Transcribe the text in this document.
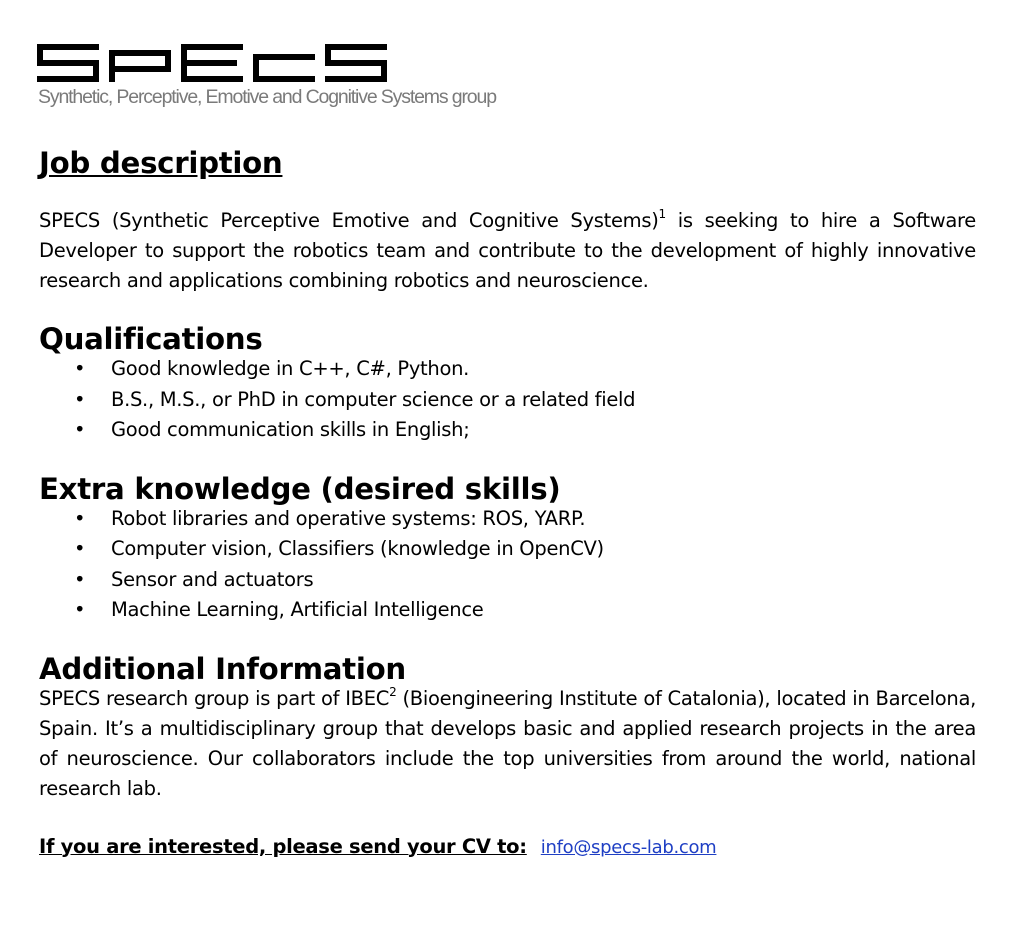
Synthetic, Perceptive, Emotive and Cognitive Systems group
Job description

SPECS (Synthetic Perceptive Emotive and Cognitive Systems)$^1$ is seeking to hire a Software Developer to support the robotics team and contribute to the development of highly innovative research and applications combining robotics and neuroscience.

Qualifications
• Good knowledge in C++, C#, Python.
• B.S., M.S., or PhD in computer science or a related field
• Good communication skills in English;
Extra knowledge (desired skills)
• Robot libraries and operative systems: ROS, YARP.
• Computer vision, Classifiers (knowledge in OpenCV)
• Sensor and actuators
• Machine Learning, Artificial Intelligence
Additional Information

SPECS research group is part of IBEC$^2$ (Bioengineering Institute of Catalonia), located in Barcelona, Spain. It’s a multidisciplinary group that develops basic and applied research projects in the area of neuroscience. Our collaborators include the top universities from around the world, national research lab.

If you are interested, please send your CV to: info@specs-lab.com
